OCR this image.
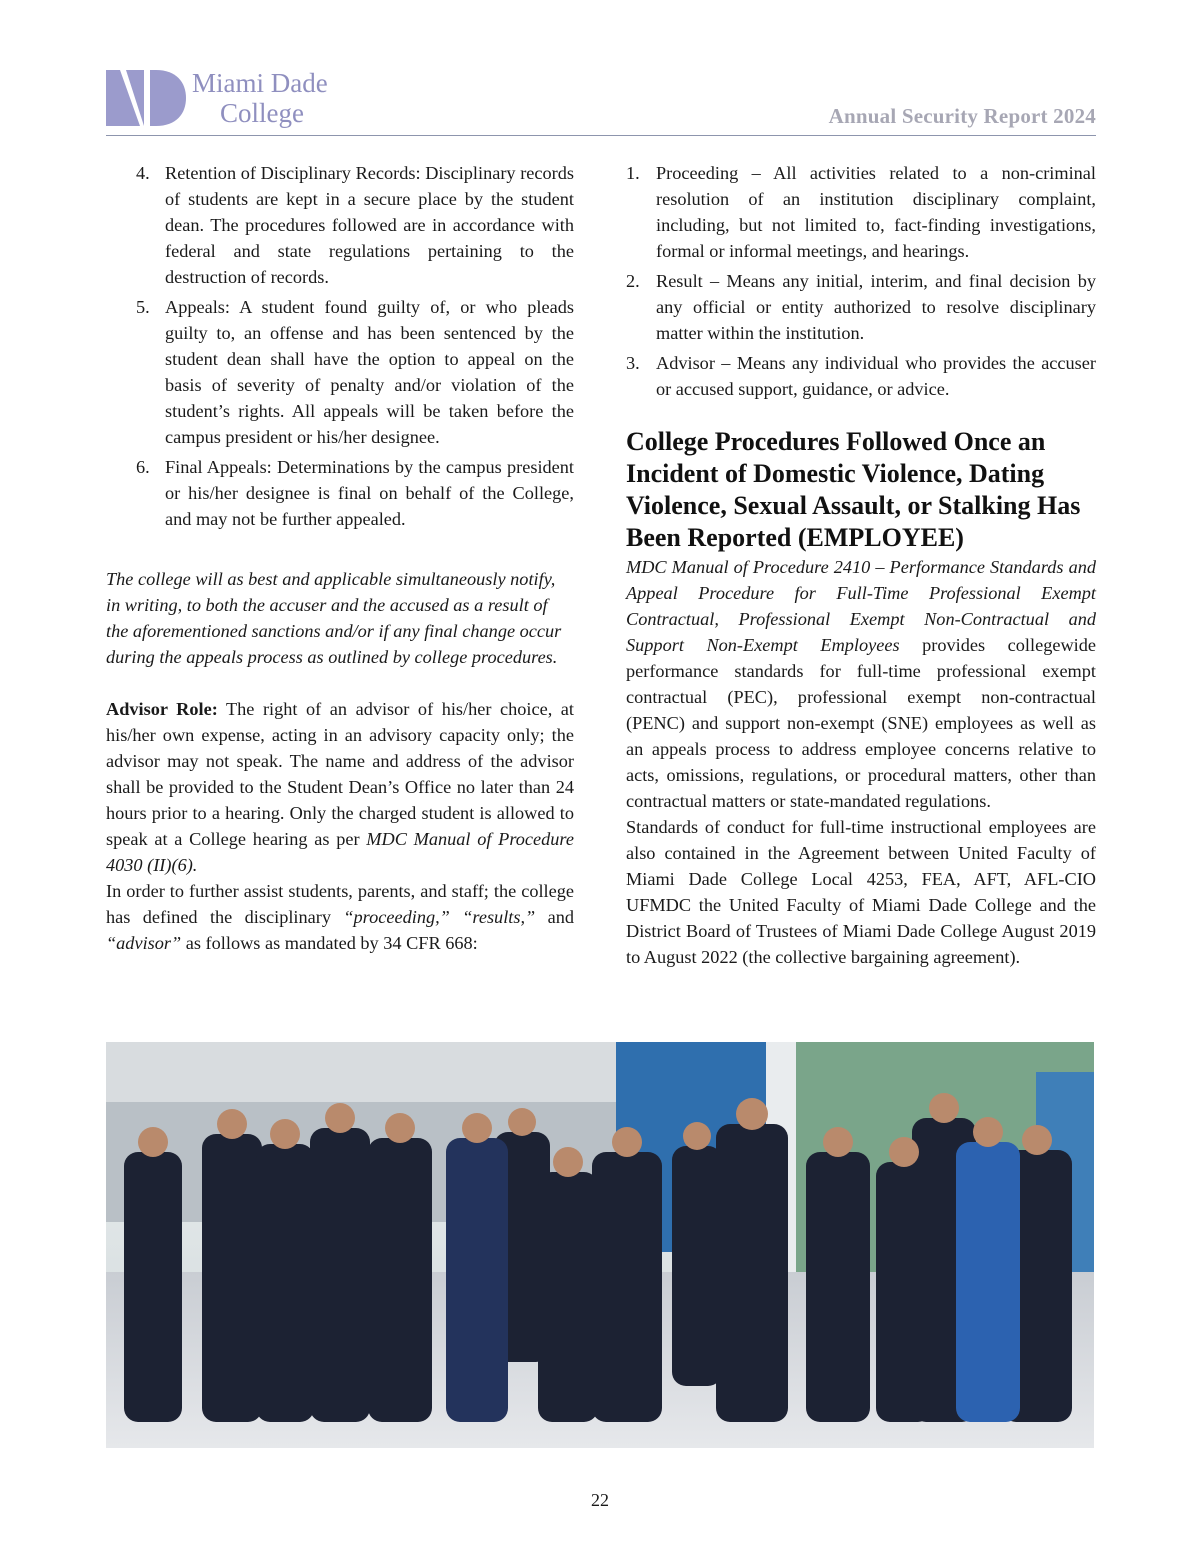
Miami Dade
College	Annual Security Report 2024
4. Retention of Disciplinary Records: Disciplinary records of students are kept in a secure place by the student dean. The procedures followed are in accordance with federal and state regulations pertaining to the destruction of records.
5. Appeals: A student found guilty of, or who pleads guilty to, an offense and has been sentenced by the student dean shall have the option to appeal on the basis of severity of penalty and/or violation of the student’s rights. All appeals will be taken before the campus president or his/her designee.
6. Final Appeals: Determinations by the campus president or his/her designee is final on behalf of the College, and may not be further appealed.

The college will as best and applicable simultaneously notify, in writing, to both the accuser and the accused as a result of the aforementioned sanctions and/or if any final change occur during the appeals process as outlined by college procedures.

Advisor Role: The right of an advisor of his/her choice, at his/her own expense, acting in an advisory capacity only; the advisor may not speak. The name and address of the advisor shall be provided to the Student Dean’s Office no later than 24 hours prior to a hearing. Only the charged student is allowed to speak at a College hearing as per MDC Manual of Procedure 4030 (II)(6).

In order to further assist students, parents, and staff; the college has defined the disciplinary “proceeding,” “results,” and “advisor” as follows as mandated by 34 CFR 668:

1. Proceeding – All activities related to a non-criminal resolution of an institution disciplinary complaint, including, but not limited to, fact-finding investigations, formal or informal meetings, and hearings.
2. Result – Means any initial, interim, and final decision by any official or entity authorized to resolve disciplinary matter within the institution.
3. Advisor – Means any individual who provides the accuser or accused support, guidance, or advice.
College Procedures Followed Once an Incident of Domestic Violence, Dating Violence, Sexual Assault, or Stalking Has Been Reported (EMPLOYEE)

MDC Manual of Procedure 2410 – Performance Standards and Appeal Procedure for Full-Time Professional Exempt Contractual, Professional Exempt Non-Contractual and Support Non-Exempt Employees provides collegewide performance standards for full-time professional exempt contractual (PEC), professional exempt non-contractual (PENC) and support non-exempt (SNE) employees as well as an appeals process to address employee concerns relative to acts, omissions, regulations, or procedural matters, other than contractual matters or state-mandated regulations.

Standards of conduct for full-time instructional employees are also contained in the Agreement between United Faculty of Miami Dade College Local 4253, FEA, AFT, AFL-CIO UFMDC the United Faculty of Miami Dade College and the District Board of Trustees of Miami Dade College August 2019 to August 2022 (the collective bargaining agreement).

22
